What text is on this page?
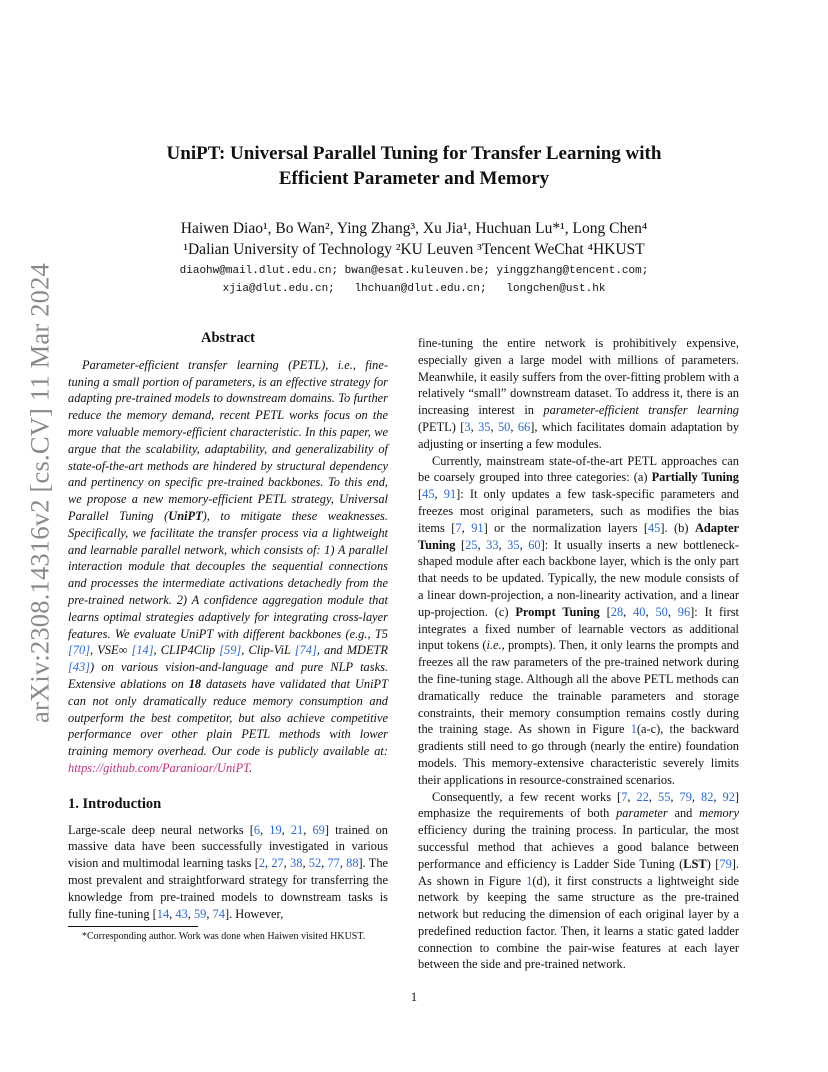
arXiv:2308.14316v2 [cs.CV] 11 Mar 2024
UniPT: Universal Parallel Tuning for Transfer Learning with
Efficient Parameter and Memory
Haiwen Diao¹, Bo Wan², Ying Zhang³, Xu Jia¹, Huchuan Lu*¹, Long Chen⁴
¹Dalian University of Technology ²KU Leuven ³Tencent WeChat ⁴HKUST
diaohw@mail.dlut.edu.cn; bwan@esat.kuleuven.be; yinggzhang@tencent.com;
xjia@dlut.edu.cn;   lhchuan@dlut.edu.cn;   longchen@ust.hk
Abstract

Parameter-efficient transfer learning (PETL), i.e., fine-tuning a small portion of parameters, is an effective strategy for adapting pre-trained models to downstream domains. To further reduce the memory demand, recent PETL works focus on the more valuable memory-efficient characteristic. In this paper, we argue that the scalability, adaptability, and generalizability of state-of-the-art methods are hindered by structural dependency and pertinency on specific pre-trained backbones. To this end, we propose a new memory-efficient PETL strategy, Universal Parallel Tuning (UniPT), to mitigate these weaknesses. Specifically, we facilitate the transfer process via a lightweight and learnable parallel network, which consists of: 1) A parallel interaction module that decouples the sequential connections and processes the intermediate activations detachedly from the pre-trained network. 2) A confidence aggregation module that learns optimal strategies adaptively for integrating cross-layer features. We evaluate UniPT with different backbones (e.g., T5 [70], VSE∞ [14], CLIP4Clip [59], Clip-ViL [74], and MDETR [43]) on various vision-and-language and pure NLP tasks. Extensive ablations on 18 datasets have validated that UniPT can not only dramatically reduce memory consumption and outperform the best competitor, but also achieve competitive performance over other plain PETL methods with lower training memory overhead. Our code is publicly available at: https://github.com/Paranioar/UniPT.

1. Introduction

Large-scale deep neural networks [6, 19, 21, 69] trained on massive data have been successfully investigated in various vision and multimodal learning tasks [2, 27, 38, 52, 77, 88]. The most prevalent and straightforward strategy for transferring the knowledge from pre-trained models to downstream tasks is fully fine-tuning [14, 43, 59, 74]. However,

*Corresponding author. Work was done when Haiwen visited HKUST.

fine-tuning the entire network is prohibitively expensive, especially given a large model with millions of parameters. Meanwhile, it easily suffers from the over-fitting problem with a relatively “small” downstream dataset. To address it, there is an increasing interest in parameter-efficient transfer learning (PETL) [3, 35, 50, 66], which facilitates domain adaptation by adjusting or inserting a few modules.

Currently, mainstream state-of-the-art PETL approaches can be coarsely grouped into three categories: (a) Partially Tuning [45, 91]: It only updates a few task-specific parameters and freezes most original parameters, such as modifies the bias items [7, 91] or the normalization layers [45]. (b) Adapter Tuning [25, 33, 35, 60]: It usually inserts a new bottleneck-shaped module after each backbone layer, which is the only part that needs to be updated. Typically, the new module consists of a linear down-projection, a non-linearity activation, and a linear up-projection. (c) Prompt Tuning [28, 40, 50, 96]: It first integrates a fixed number of learnable vectors as additional input tokens (i.e., prompts). Then, it only learns the prompts and freezes all the raw parameters of the pre-trained network during the fine-tuning stage. Although all the above PETL methods can dramatically reduce the trainable parameters and storage constraints, their memory consumption remains costly during the training stage. As shown in Figure 1(a-c), the backward gradients still need to go through (nearly the entire) foundation models. This memory-extensive characteristic severely limits their applications in resource-constrained scenarios.

Consequently, a few recent works [7, 22, 55, 79, 82, 92] emphasize the requirements of both parameter and memory efficiency during the training process. In particular, the most successful method that achieves a good balance between performance and efficiency is Ladder Side Tuning (LST) [79]. As shown in Figure 1(d), it first constructs a lightweight side network by keeping the same structure as the pre-trained network but reducing the dimension of each original layer by a predefined reduction factor. Then, it learns a static gated ladder connection to combine the pair-wise features at each layer between the side and pre-trained network.

1
